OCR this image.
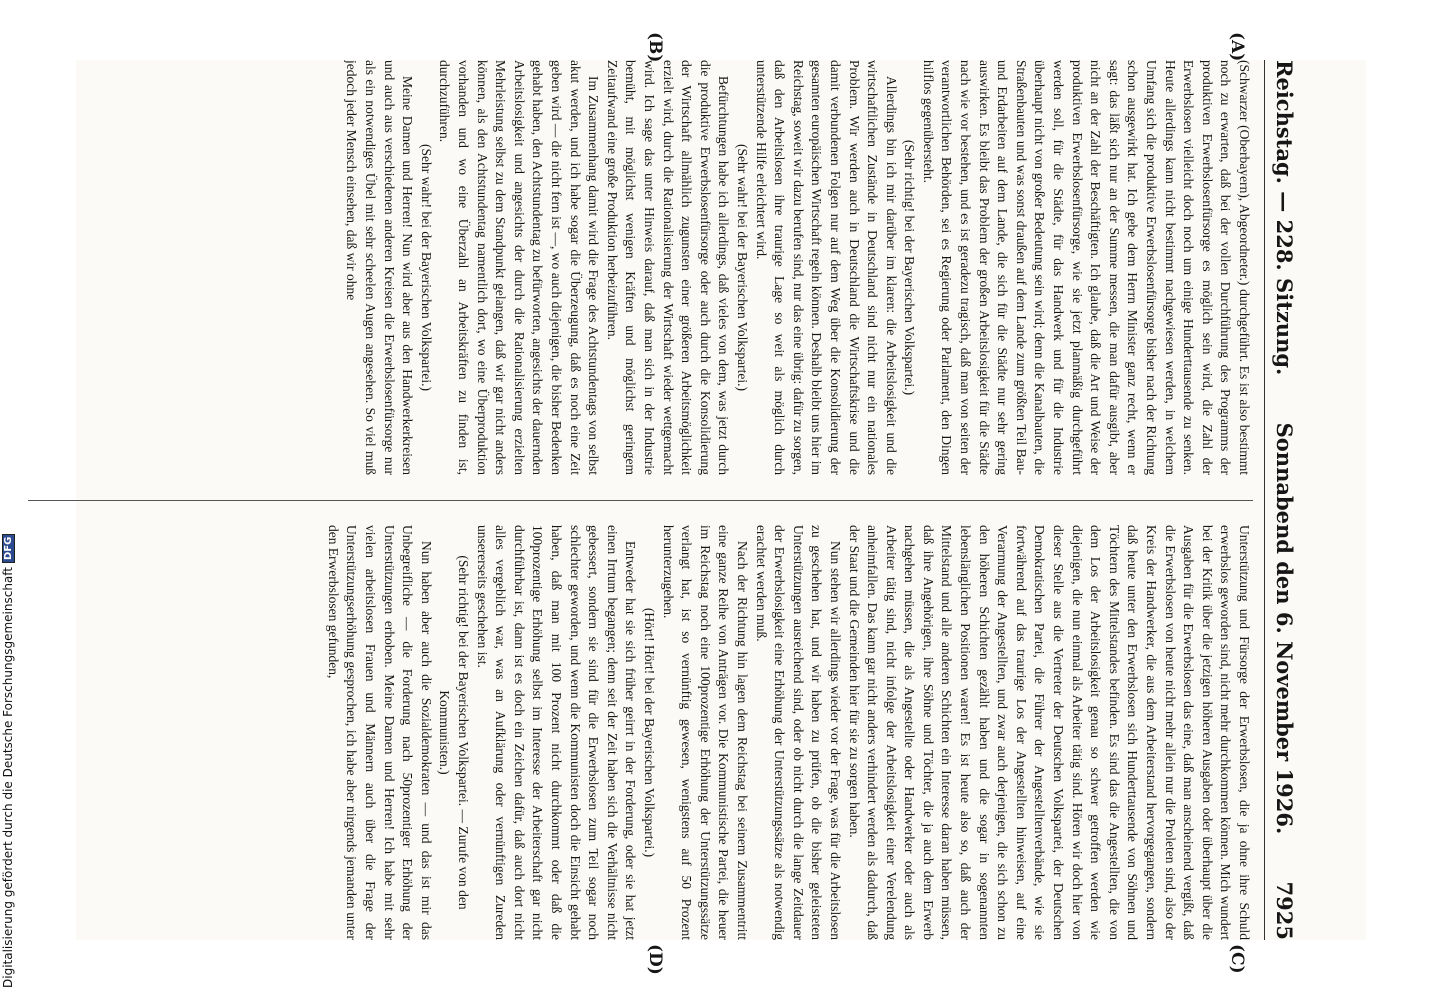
Reichstag. — 228. Sitzung.
Sonnabend den 6. November 1926.
7925

(Schwarzer (Oberbayern), Abgeordneter.) durchgeführt. Es ist also bestimmt noch zu erwarten, daß bei der vollen Durchführung des Programms der produktiven Erwerbslosenfürsorge es möglich sein wird, die Zahl der Erwerbslosen vielleicht doch noch um einige Hunderttausende zu senken. Heute allerdings kann nicht bestimmt nachgewiesen werden, in welchem Umfang sich die produktive Erwerbslosenfürsorge bisher nach der Richtung schon ausgewirkt hat. Ich gebe dem Herrn Minister ganz recht, wenn er sagt: das läßt sich nur an der Summe messen, die man dafür ausgibt, aber nicht an der Zahl der Beschäftigten. Ich glaube, daß die Art und Weise der produktiven Erwerbslosenfürsorge, wie sie jetzt planmäßig durchgeführt werden soll, für die Städte, für das Handwerk und für die Industrie überhaupt nicht von großer Bedeutung sein wird; denn die Kanalbauten, die Straßenbauten und was sonst draußen auf dem Lande zum größten Teil Bau- und Erdarbeiten auf dem Lande, die sich für die Städte nur sehr gering auswirken. Es bleibt das Problem der großen Arbeitslosigkeit für die Städte nach wie vor bestehen, und es ist geradezu tragisch, daß man von seiten der verantwortlichen Behörden, sei es Regierung oder Parlament, den Dingen hilflos gegenübersteht.

(Sehr richtig! bei der Bayerischen Volkspartei.)

Allerdings bin ich mir darüber im klaren: die Arbeitslosigkeit und die wirtschaftlichen Zustände in Deutschland sind nicht nur ein nationales Problem. Wir werden auch in Deutschland die Wirtschaftskrise und die damit verbundenen Folgen nur auf dem Weg über die Konsolidierung der gesamten europäischen Wirtschaft regeln können. Deshalb bleibt uns hier im Reichstag, soweit wir dazu berufen sind, nur das eine übrig: dafür zu sorgen, daß den Arbeitslosen ihre traurige Lage so weit als möglich durch unterstützende Hilfe erleichtert wird.

(Sehr wahr! bei der Bayerischen Volkspartei.)

Befürchtungen habe ich allerdings, daß vieles von dem, was jetzt durch die produktive Erwerbslosenfürsorge oder auch durch die Konsolidierung der Wirtschaft allmählich zugunsten einer größeren Arbeitsmöglichkeit erzielt wird, durch die Rationalisierung der Wirtschaft wieder wettgemacht wird. Ich sage das unter Hinweis darauf, daß man sich in der Industrie bemüht, mit möglichst wenigen Kräften und möglichst geringem Zeitaufwand eine große Produktion herbeizuführen.

Im Zusammenhang damit wird die Frage des Achtstundentags von selbst akut werden, und ich habe sogar die Überzeugung, daß es noch eine Zeit geben wird — die nicht fern ist —, wo auch diejenigen, die bisher Bedenken gehabt haben, den Achtstundentag zu befürworten, angesichts der dauernden Arbeitslosigkeit und angesichts der durch die Rationalisierung erzielten Mehrleistung selbst zu dem Standpunkt gelangen, daß wir gar nicht anders können, als den Achtstundentag namentlich dort, wo eine Überproduktion vorhanden und wo eine Überzahl an Arbeitskräften zu finden ist, durchzuführen.

(Sehr wahr! bei der Bayerischen Volkspartei.)

Meine Damen und Herren! Nun wird aber aus den Handwerkerkreisen und auch aus verschiedenen anderen Kreisen die Erwerbslosenfürsorge nur als ein notwendiges Übel mit sehr scheelen Augen angesehen. So viel muß jedoch jeder Mensch einsehen, daß wir ohne

Unterstützung und Fürsorge der Erwerbslosen, die ja ohne ihre Schuld erwerbslos geworden sind, nicht mehr durchkommen können. Mich wundert bei der Kritik über die jetzigen höheren Ausgaben oder überhaupt über die Ausgaben für die Erwerbslosen das eine, daß man anscheinend vergißt, daß die Erwerbslosen von heute nicht mehr allein nur die Proleten sind, also der Kreis der Handwerker, die aus dem Arbeiterstand hervorgegangen, sondern daß heute unter den Erwerbslosen sich Hunderttausende von Söhnen und Töchtern des Mittelstandes befinden. Es sind das die Angestellten, die von dem Los der Arbeitslosigkeit genau so schwer getroffen werden wie diejenigen, die nun einmal als Arbeiter tätig sind. Hören wir doch hier von dieser Stelle aus die Vertreter der Deutschen Volkspartei, der Deutschen Demokratischen Partei, die Führer der Angestelltenverbände, wie sie fortwährend auf das traurige Los der Angestellten hinweisen, auf eine Verarmung der Angestellten, und zwar auch derjenigen, die sich schon zu den höheren Schichten gezählt haben und die sogar in sogenannten lebenslänglichen Positionen waren! Es ist heute also so, daß auch der Mittelstand und alle anderen Schichten ein Interesse daran haben müssen, daß ihre Angehörigen, ihre Söhne und Töchter, die ja auch dem Erwerb nachgehen müssen, die als Angestellte oder Handwerker oder auch als Arbeiter tätig sind, nicht infolge der Arbeitslosigkeit einer Verelendung anheimfallen. Das kann gar nicht anders verhindert werden als dadurch, daß der Staat und die Gemeinden hier für sie zu sorgen haben.

Nun stehen wir allerdings wieder vor der Frage, was für die Arbeitslosen zu geschehen hat, und wir haben zu prüfen, ob die bisher geleisteten Unterstützungen ausreichend sind, oder ob nicht durch die lange Zeitdauer der Erwerbslosigkeit eine Erhöhung der Unterstützungssätze als notwendig erachtet werden muß.

Nach der Richtung hin lagen dem Reichstag bei seinem Zusammentritt eine ganze Reihe von Anträgen vor. Die Kommunistische Partei, die heuer im Reichstag noch eine 100prozentige Erhöhung der Unterstützungssätze verlangt hat, ist so vernünftig gewesen, wenigstens auf 50 Prozent herunterzugehen.

(Hört! Hört! bei der Bayerischen Volkspartei.)

Entweder hat sie sich früher geirrt in der Forderung, oder sie hat jetzt einen Irrtum begangen; denn seit der Zeit haben sich die Verhältnisse nicht gebessert, sondern sie sind für die Erwerbslosen zum Teil sogar noch schlechter geworden, und wenn die Kommunisten doch die Einsicht gehabt haben, daß man mit 100 Prozent nicht durchkommt oder daß die 100prozentige Erhöhung selbst im Interesse der Arbeiterschaft gar nicht durchführbar ist, dann ist es doch ein Zeichen dafür, daß auch dort nicht alles vergeblich war, was an Aufklärung oder vernünftigen Zureden unsererseits geschehen ist.

(Sehr richtig! bei der Bayerischen Volkspartei. — Zurufe von den Kommunisten.)

Nun haben aber auch die Sozialdemokraten — und das ist mir das Unbegreifliche — die Forderung nach 50prozentiger Erhöhung der Unterstützungen erhoben. Meine Damen und Herren! Ich habe mit sehr vielen arbeitslosen Frauen und Männern auch über die Frage der Unterstützungserhöhung gesprochen, ich habe aber nirgends jemanden unter den Erwerbslosen gefunden,

(A)
(B)
(C)
(D)
Digitalisierung gefördert durch die Deutsche Forschungsgemeinschaft
DFG
